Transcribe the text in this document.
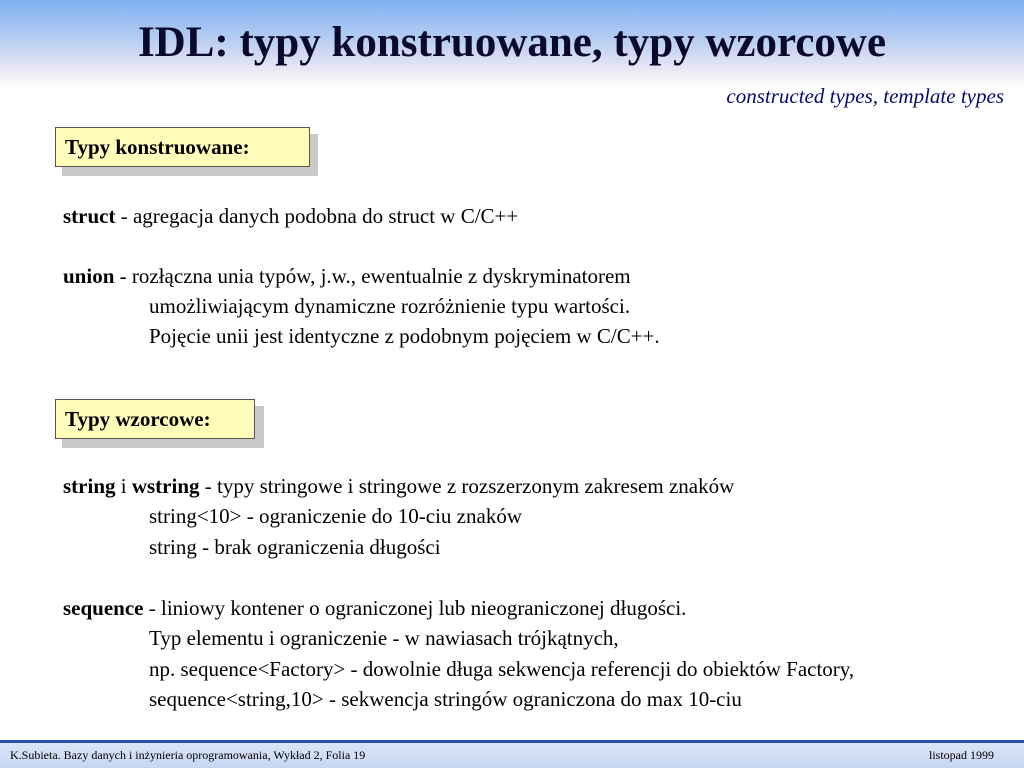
IDL: typy konstruowane, typy wzorcowe
constructed types, template types
Typy konstruowane:
struct - agregacja danych podobna do struct w C/C++
union - rozłączna unia typów, j.w., ewentualnie z dyskryminatorem
umożliwiającym dynamiczne rozróżnienie typu wartości.
Pojęcie unii jest identyczne z podobnym pojęciem w C/C++.
Typy wzorcowe:
string i wstring - typy stringowe i stringowe z rozszerzonym zakresem znaków
string<10> - ograniczenie do 10-ciu znaków
string - brak ograniczenia długości
sequence - liniowy kontener o ograniczonej lub nieograniczonej długości.
Typ elementu i ograniczenie - w nawiasach trójkątnych,
np. sequence<Factory> - dowolnie długa sekwencja referencji do obiektów Factory,
sequence<string,10> - sekwencja stringów ograniczona do max 10-ciu
K.Subieta. Bazy danych i inżynieria oprogramowania, Wykład 2, Folia 19	listopad 1999
